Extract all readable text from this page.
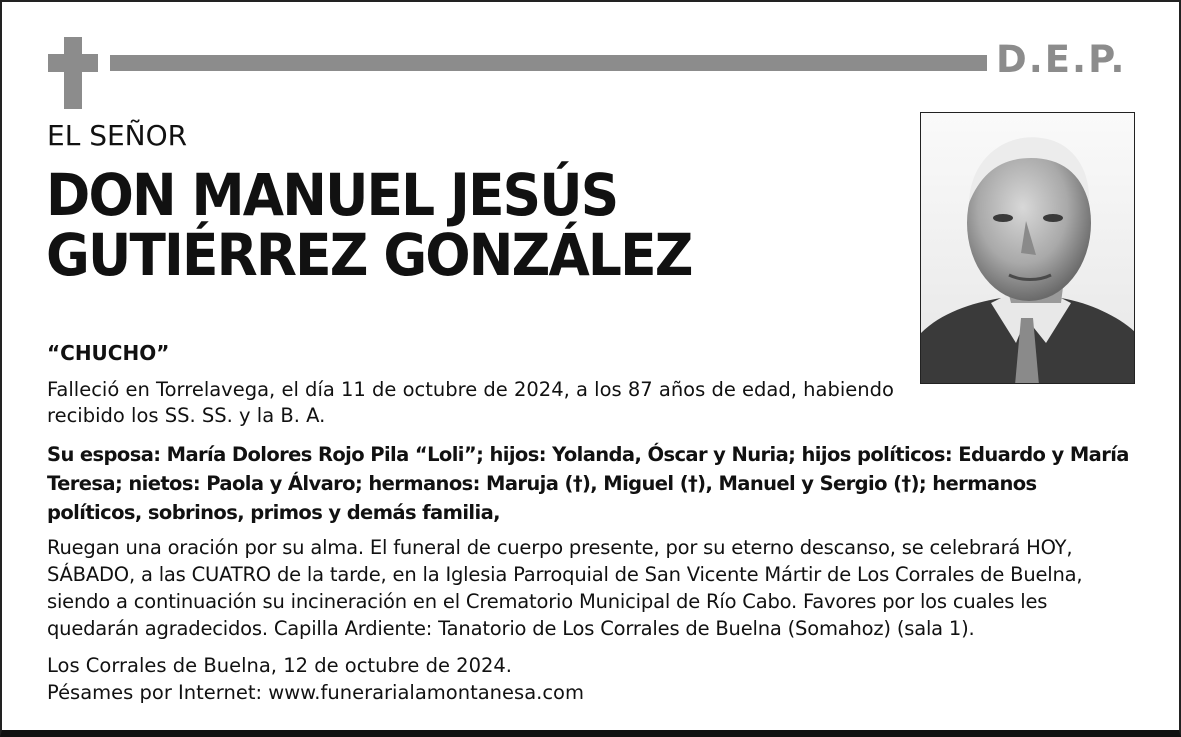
D.E.P.
EL SEÑOR
DON MANUEL JESÚS
GUTIÉRREZ GONZÁLEZ
“CHUCHO”
Falleció en Torrelavega, el día 11 de octubre de 2024, a los 87 años de edad, habiendo recibido los SS. SS. y la B. A.
Su esposa: María Dolores Rojo Pila “Loli”; hijos: Yolanda, Óscar y Nuria; hijos políticos: Eduardo y María Teresa; nietos: Paola y Álvaro; hermanos: Maruja (†), Miguel (†), Manuel y Sergio (†); hermanos políticos, sobrinos, primos y demás familia,
Ruegan una oración por su alma. El funeral de cuerpo presente, por su eterno descanso, se celebrará HOY, SÁBADO, a las CUATRO de la tarde, en la Iglesia Parroquial de San Vicente Mártir de Los Corrales de Buelna, siendo a continuación su incineración en el Crematorio Municipal de Río Cabo. Favores por los cuales les quedarán agradecidos. Capilla Ardiente: Tanatorio de Los Corrales de Buelna (Somahoz) (sala 1).
Los Corrales de Buelna, 12 de octubre de 2024.
Pésames por Internet: www.funerarialamontanesa.com
